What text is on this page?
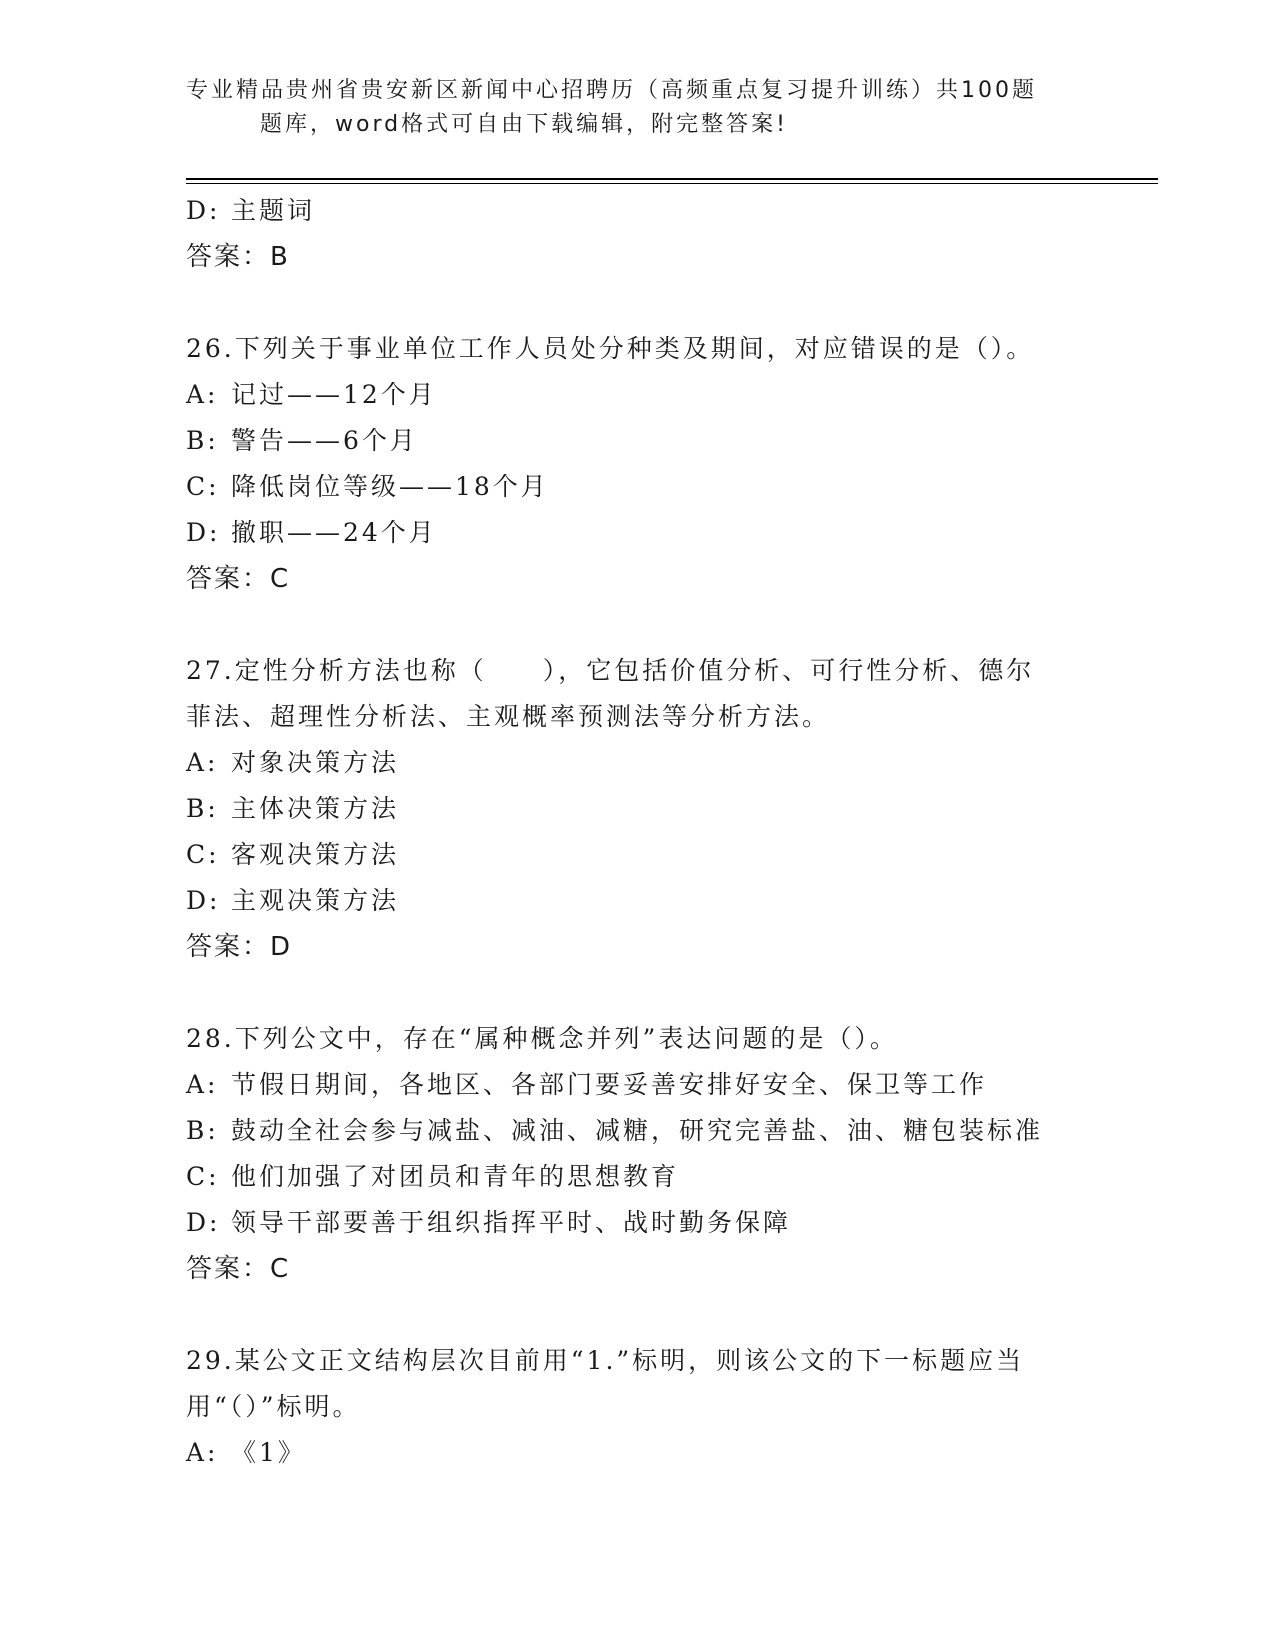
专业精品贵州省贵安新区新闻中心招聘历（高频重点复习提升训练）共100题
题库，word格式可自由下载编辑，附完整答案!
D: 主题词
答案：B
26.下列关于事业单位工作人员处分种类及期间，对应错误的是（）。
A: 记过——12个月
B: 警告——6个月
C: 降低岗位等级——18个月
D: 撤职——24个月
答案：C
27.定性分析方法也称（　　），它包括价值分析、可行性分析、德尔
菲法、超理性分析法、主观概率预测法等分析方法。
A: 对象决策方法
B: 主体决策方法
C: 客观决策方法
D: 主观决策方法
答案：D
28.下列公文中，存在“属种概念并列”表达问题的是（）。
A: 节假日期间，各地区、各部门要妥善安排好安全、保卫等工作
B: 鼓动全社会参与减盐、减油、减糖，研究完善盐、油、糖包装标准
C: 他们加强了对团员和青年的思想教育
D: 领导干部要善于组织指挥平时、战时勤务保障
答案：C
29.某公文正文结构层次目前用“1.”标明，则该公文的下一标题应当
用“（）”标明。
A: 《1》
